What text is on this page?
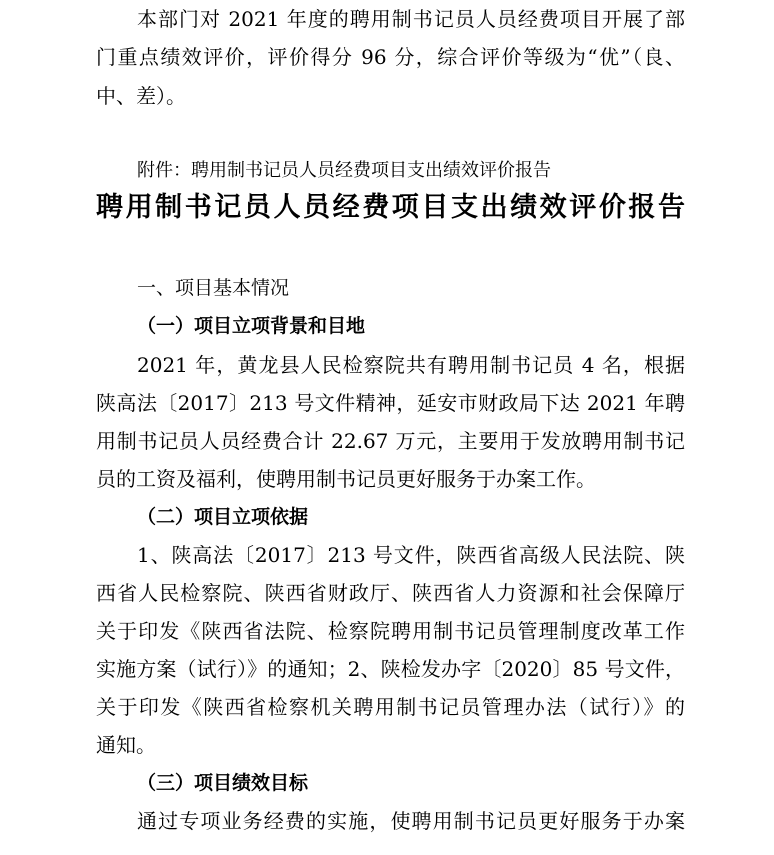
本部门对 2021 年度的聘用制书记员人员经费项目开展了部
门重点绩效评价，评价得分 96 分，综合评价等级为“优”（良、
中、差）。
附件：聘用制书记员人员经费项目支出绩效评价报告
聘用制书记员人员经费项目支出绩效评价报告
一、项目基本情况
（一）项目立项背景和目地
2021 年，黄龙县人民检察院共有聘用制书记员 4 名，根据
陕高法〔2017〕213 号文件精神，延安市财政局下达 2021 年聘
用制书记员人员经费合计 22.67 万元，主要用于发放聘用制书记
员的工资及福利，使聘用制书记员更好服务于办案工作。
（二）项目立项依据
1、陕高法〔2017〕213 号文件，陕西省高级人民法院、陕
西省人民检察院、陕西省财政厅、陕西省人力资源和社会保障厅
关于印发《陕西省法院、检察院聘用制书记员管理制度改革工作
实施方案（试行）》的通知；2、陕检发办字〔2020〕85 号文件，
关于印发《陕西省检察机关聘用制书记员管理办法（试行）》的
通知。
（三）项目绩效目标
通过专项业务经费的实施，使聘用制书记员更好服务于办案
